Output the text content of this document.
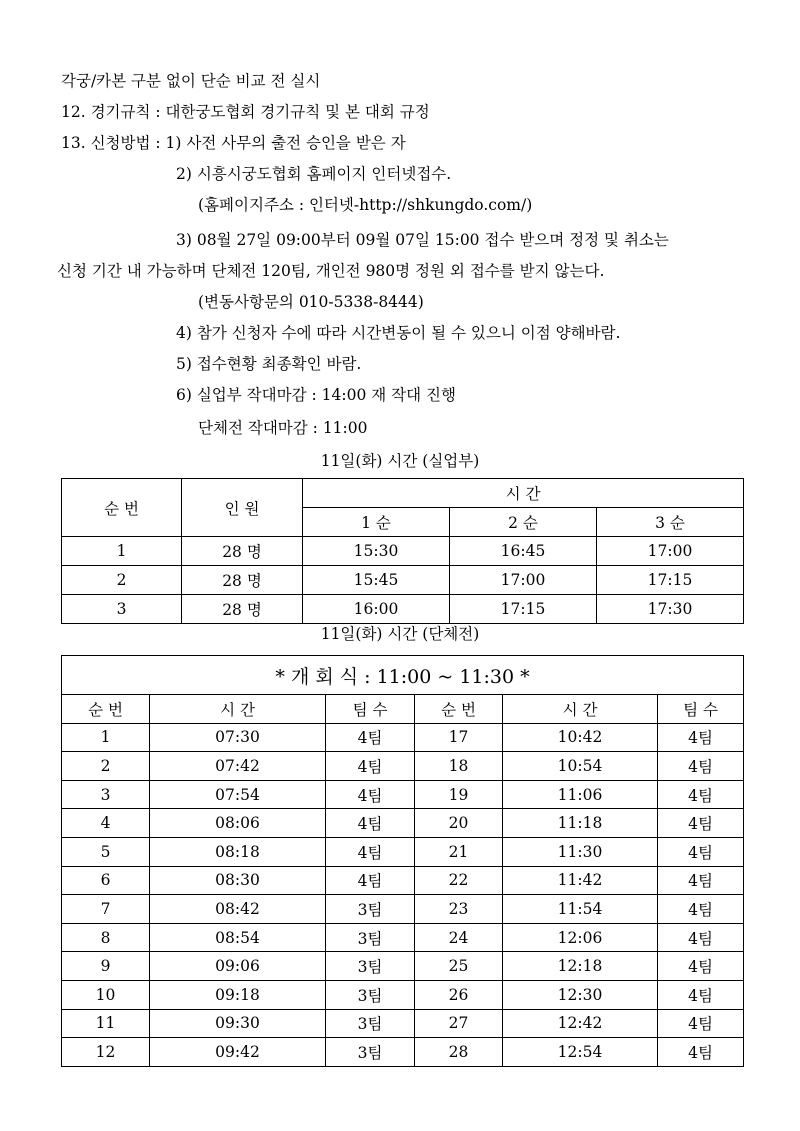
각궁/카본 구분 없이 단순 비교 전 실시
12. 경기규칙 : 대한궁도협회 경기규칙 및 본 대회 규정
13. 신청방법 : 1) 사전 사무의 출전 승인을 받은 자
2) 시흥시궁도협회 홈페이지 인터넷접수.
(홈페이지주소 : 인터넷-http://shkungdo.com/)
3) 08월 27일 09:00부터 09월 07일 15:00 접수 받으며 정정 및 취소는
신청 기간 내 가능하며 단체전 120팀, 개인전 980명 정원 외 접수를 받지 않는다.
(변동사항문의 010-5338-8444)
4) 참가 신청자 수에 따라 시간변동이 될 수 있으니 이점 양해바람.
5) 접수현황 최종확인 바람.
6) 실업부 작대마감 : 14:00 재 작대 진행
단체전 작대마감 : 11:00
11일(화) 시간 (실업부)
순 번	인 원	시 간		
		1 순	2 순	3 순
1	28 명	15:30	16:45	17:00
2	28 명	15:45	17:00	17:15
3	28 명	16:00	17:15	17:30
11일(화) 시간 (단체전)
* 개 회 식 : 11:00 ~ 11:30 *					
순 번	시 간	팀 수	순 번	시 간	팀 수
1	07:30	4팀	17	10:42	4팀
2	07:42	4팀	18	10:54	4팀
3	07:54	4팀	19	11:06	4팀
4	08:06	4팀	20	11:18	4팀
5	08:18	4팀	21	11:30	4팀
6	08:30	4팀	22	11:42	4팀
7	08:42	3팀	23	11:54	4팀
8	08:54	3팀	24	12:06	4팀
9	09:06	3팀	25	12:18	4팀
10	09:18	3팀	26	12:30	4팀
11	09:30	3팀	27	12:42	4팀
12	09:42	3팀	28	12:54	4팀
